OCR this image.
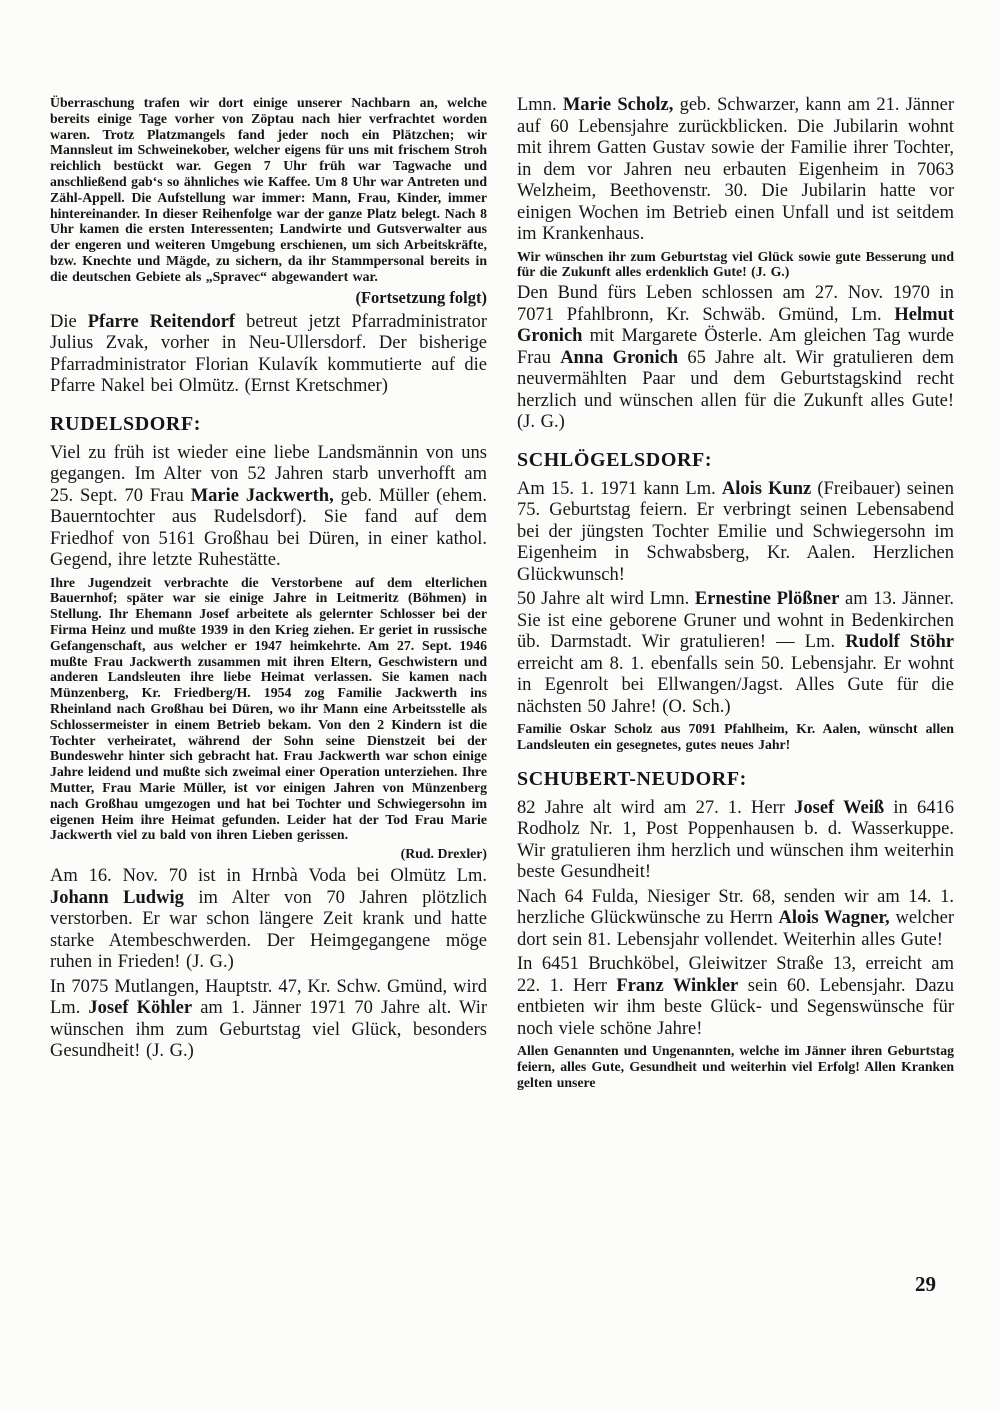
Überraschung trafen wir dort einige unserer Nachbarn an, welche bereits einige Tage vorher von Zöptau nach hier verfrachtet worden waren. Trotz Platzmangels fand jeder noch ein Plätzchen; wir Mannsleut im Schweinekober, welcher eigens für uns mit frischem Stroh reichlich bestückt war. Gegen 7 Uhr früh war Tagwache und anschließend gab‘s so ähnliches wie Kaffee. Um 8 Uhr war Antreten und Zähl-Appell. Die Aufstellung war immer: Mann, Frau, Kinder, immer hintereinander. In dieser Reihenfolge war der ganze Platz belegt. Nach 8 Uhr kamen die ersten Interessenten; Landwirte und Gutsverwalter aus der engeren und weiteren Umgebung erschienen, um sich Arbeitskräfte, bzw. Knechte und Mägde, zu sichern, da ihr Stammpersonal bereits in die deutschen Gebiete als „Spravec“ abgewandert war.

(Fortsetzung folgt)

Die Pfarre Reitendorf betreut jetzt Pfarradministrator Julius Zvak, vorher in Neu-Ullersdorf. Der bisherige Pfarradministrator Florian Kulavík kommutierte auf die Pfarre Nakel bei Olmütz. (Ernst Kretschmer)

RUDELSDORF:

Viel zu früh ist wieder eine liebe Landsmännin von uns gegangen. Im Alter von 52 Jahren starb unverhofft am 25. Sept. 70 Frau Marie Jackwerth, geb. Müller (ehem. Bauerntochter aus Rudelsdorf). Sie fand auf dem Friedhof von 5161 Großhau bei Düren, in einer kathol. Gegend, ihre letzte Ruhestätte.

Ihre Jugendzeit verbrachte die Verstorbene auf dem elterlichen Bauernhof; später war sie einige Jahre in Leitmeritz (Böhmen) in Stellung. Ihr Ehemann Josef arbeitete als gelernter Schlosser bei der Firma Heinz und mußte 1939 in den Krieg ziehen. Er geriet in russische Gefangenschaft, aus welcher er 1947 heimkehrte. Am 27. Sept. 1946 mußte Frau Jackwerth zusammen mit ihren Eltern, Geschwistern und anderen Landsleuten ihre liebe Heimat verlassen. Sie kamen nach Münzenberg, Kr. Friedberg/H. 1954 zog Familie Jackwerth ins Rheinland nach Großhau bei Düren, wo ihr Mann eine Arbeitsstelle als Schlossermeister in einem Betrieb bekam. Von den 2 Kindern ist die Tochter verheiratet, während der Sohn seine Dienstzeit bei der Bundeswehr hinter sich gebracht hat. Frau Jackwerth war schon einige Jahre leidend und mußte sich zweimal einer Operation unterziehen. Ihre Mutter, Frau Marie Müller, ist vor einigen Jahren von Münzenberg nach Großhau umgezogen und hat bei Tochter und Schwiegersohn im eigenen Heim ihre Heimat gefunden. Leider hat der Tod Frau Marie Jackwerth viel zu bald von ihren Lieben gerissen.

(Rud. Drexler)

Am 16. Nov. 70 ist in Hrnbà Voda bei Olmütz Lm. Johann Ludwig im Alter von 70 Jahren plötzlich verstorben. Er war schon längere Zeit krank und hatte starke Atembeschwerden. Der Heimgegangene möge ruhen in Frieden! (J. G.)

In 7075 Mutlangen, Hauptstr. 47, Kr. Schw. Gmünd, wird Lm. Josef Köhler am 1. Jänner 1971 70 Jahre alt. Wir wünschen ihm zum Geburtstag viel Glück, besonders Gesundheit! (J. G.)

Lmn. Marie Scholz, geb. Schwarzer, kann am 21. Jänner auf 60 Lebensjahre zurückblicken. Die Jubilarin wohnt mit ihrem Gatten Gustav sowie der Familie ihrer Tochter, in dem vor Jahren neu erbauten Eigenheim in 7063 Welzheim, Beethovenstr. 30. Die Jubilarin hatte vor einigen Wochen im Betrieb einen Unfall und ist seitdem im Krankenhaus.

Wir wünschen ihr zum Geburtstag viel Glück sowie gute Besserung und für die Zukunft alles erdenklich Gute! (J. G.)

Den Bund fürs Leben schlossen am 27. Nov. 1970 in 7071 Pfahlbronn, Kr. Schwäb. Gmünd, Lm. Helmut Gronich mit Margarete Österle. Am gleichen Tag wurde Frau Anna Gronich 65 Jahre alt. Wir gratulieren dem neuvermählten Paar und dem Geburtstagskind recht herzlich und wünschen allen für die Zukunft alles Gute! (J. G.)

SCHLÖGELSDORF:

Am 15. 1. 1971 kann Lm. Alois Kunz (Freibauer) seinen 75. Geburtstag feiern. Er verbringt seinen Lebensabend bei der jüngsten Tochter Emilie und Schwiegersohn im Eigenheim in Schwabsberg, Kr. Aalen. Herzlichen Glückwunsch!

50 Jahre alt wird Lmn. Ernestine Plößner am 13. Jänner. Sie ist eine geborene Gruner und wohnt in Bedenkirchen üb. Darmstadt. Wir gratulieren! — Lm. Rudolf Stöhr erreicht am 8. 1. ebenfalls sein 50. Lebensjahr. Er wohnt in Egenrolt bei Ellwangen/Jagst. Alles Gute für die nächsten 50 Jahre! (O. Sch.)

Familie Oskar Scholz aus 7091 Pfahlheim, Kr. Aalen, wünscht allen Landsleuten ein gesegnetes, gutes neues Jahr!

SCHUBERT-NEUDORF:

82 Jahre alt wird am 27. 1. Herr Josef Weiß in 6416 Rodholz Nr. 1, Post Poppenhausen b. d. Wasserkuppe. Wir gratulieren ihm herzlich und wünschen ihm weiterhin beste Gesundheit!

Nach 64 Fulda, Niesiger Str. 68, senden wir am 14. 1. herzliche Glückwünsche zu Herrn Alois Wagner, welcher dort sein 81. Lebensjahr vollendet. Weiterhin alles Gute!

In 6451 Bruchköbel, Gleiwitzer Straße 13, erreicht am 22. 1. Herr Franz Winkler sein 60. Lebensjahr. Dazu entbieten wir ihm beste Glück- und Segenswünsche für noch viele schöne Jahre!

Allen Genannten und Ungenannten, welche im Jänner ihren Geburtstag feiern, alles Gute, Gesundheit und weiterhin viel Erfolg! Allen Kranken gelten unsere

29
